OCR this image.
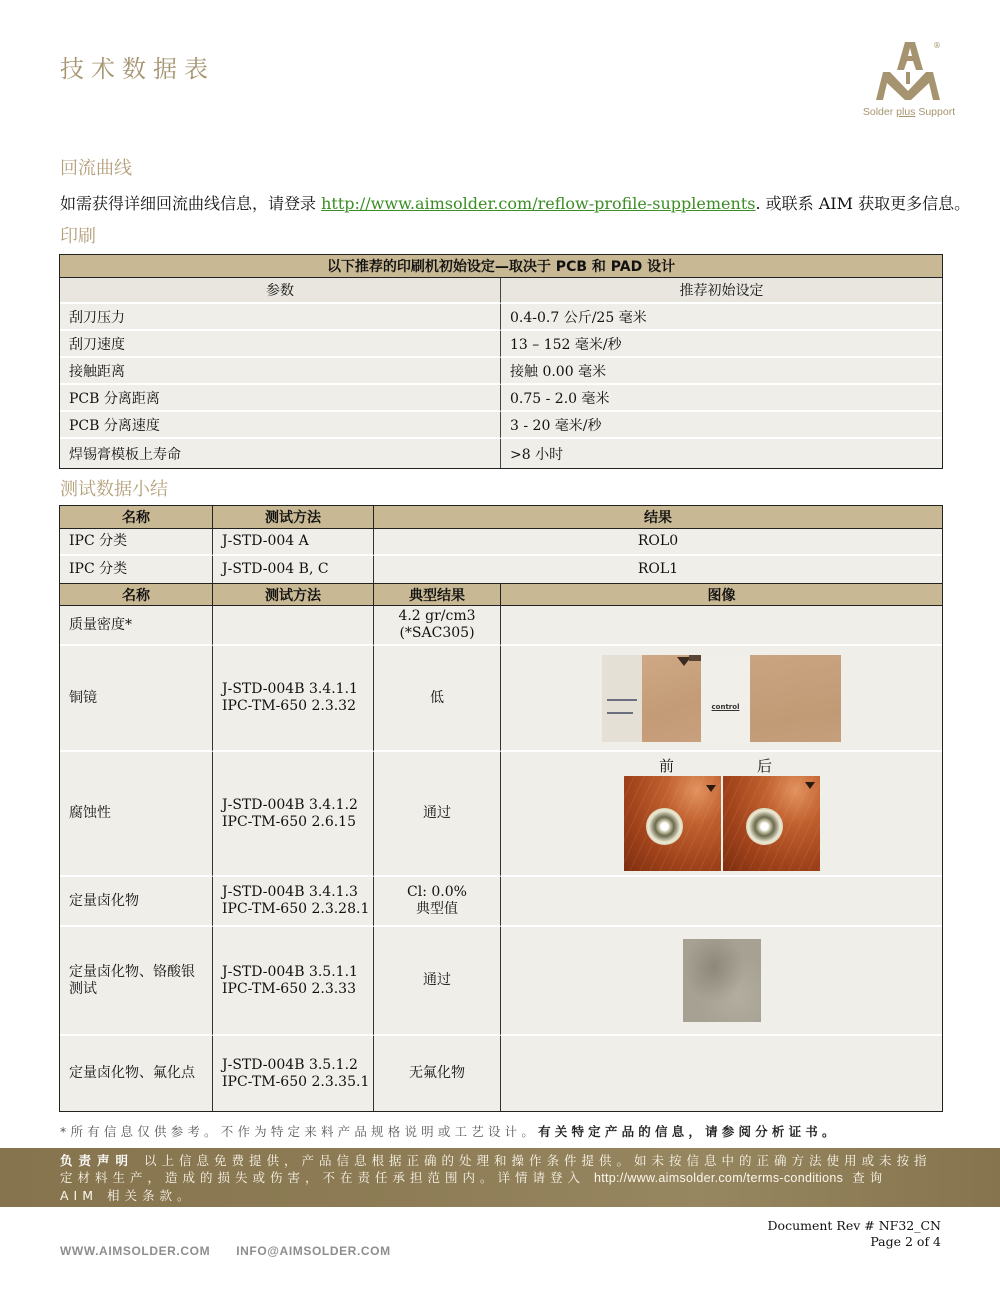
技术数据表
®
Solder plus Support
回流曲线
如需获得详细回流曲线信息，请登录 http://www.aimsolder.com/reflow-profile-supplements. 或联系 AIM 获取更多信息。
印刷
以下推荐的印刷机初始设定—取决于 PCB 和 PAD 设计	
参数	推荐初始设定
刮刀压力	0.4-0.7 公斤/25 毫米
刮刀速度	13 – 152 毫米/秒
接触距离	接触 0.00 毫米
PCB 分离距离	0.75 - 2.0 毫米
PCB 分离速度	3 - 20 毫米/秒
焊锡膏模板上寿命	>8 小时
测试数据小结
名称	测试方法	结果	
IPC 分类	J-STD-004 A	ROL0	
IPC 分类	J-STD-004 B, C	ROL1	
名称	测试方法	典型结果	图像
质量密度*		4.2 gr/cm3
(*SAC305)	

铜镜	J-STD-004B 3.4.1.1
IPC-TM-650 2.3.32	低	control

腐蚀性	J-STD-004B 3.4.1.2
IPC-TM-650 2.6.15	通过	前 后

定量卤化物	J-STD-004B 3.4.1.3
IPC-TM-650 2.3.28.1	Cl: 0.0%
典型值	

定量卤化物、铬酸银测试	J-STD-004B 3.5.1.1
IPC-TM-650 2.3.33	通过	
定量卤化物、氟化点	J-STD-004B 3.5.1.2
IPC-TM-650 2.3.35.1	无氟化物	
*所有信息仅供参考。不作为特定来料产品规格说明或工艺设计。有关特定产品的信息，请参阅分析证书。

负责声明 以上信息免费提供，产品信息根据正确的处理和操作条件提供。如未按信息中的正确方法使用或未按指定材料生产，造成的损失或伤害，不在责任承担范围内。详情请登入 http://www.aimsolder.com/terms-conditions 查询 AIM 相关条款。

Document Rev # NF32_CN
Page 2 of 4
WWW.AIMSOLDER.COM INFO@AIMSOLDER.COM
